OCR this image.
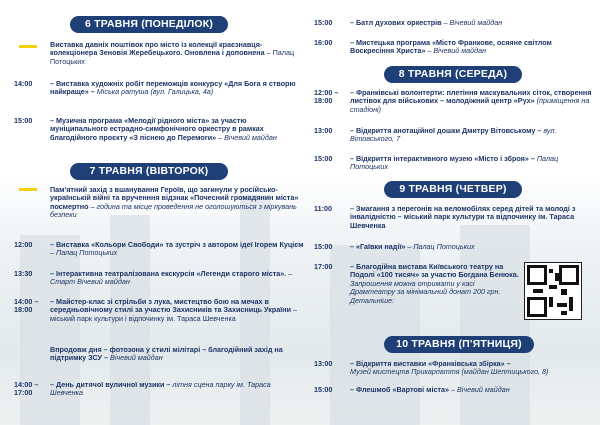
6 ТРАВНЯ (ПОНЕДІЛОК)
Виставка давніх поштівок про місто із колекції краєзнавця-колекціонера Зеновія Жеребецького. Оновлена і доповнена – Палац Потоцьких
14:00	– Виставка художніх робіт переможців конкурсу «Для Бога я створю найкраще» – Міська ратуша (вул. Галицька, 4а)
15:00	– Музична програма «Мелодії рідного міста» за участю муніципального естрадно-симфонічного оркестру в рамках благодійного проєкту «З піснею до Перемоги» – Вічевий майдан
7 ТРАВНЯ (ВІВТОРОК)
Пам'ятний захід з вшанування Героїв, що загинули у російсько-українській війні та врученння відзнак «Почесний громадянин міста» посмертно – година та місце проведення не оголошуються з міркувань безпеки
12:00	– Виставка «Кольори Свободи» та зустріч з автором ідеї Ігорем Куцієм – Палац Потоцьких
13:30	– Інтерактивна театралізована екскурсія «Легенди старого міста». – Старт Вічевий майдан
14:00 – 18:00
– Майстер-клас зі стрільби з лука, мистецтво бою на мечах в середньовічному стилі за участю Захисників та Захисниць України – міський парк культури і відпочинку ім. Тараса Шевченка
Впродовж дня – фотозона у стилі мілітарі – благодійний захід на підтримку ЗСУ – Вічевий майдан
14:00 – 17:00
– День дитячої вуличної музики – літня сцена парку ім. Тараса Шевченка
15:00	– Батл духових оркестрів – Вічевий майдан
16:00	– Мистецька програма «Місто Франкове, осяяне світлом Воскресіння Христа» – Вічевий майдан
8 ТРАВНЯ (СЕРЕДА)
12:00 – 18:00
– Франківські волонтерти: плетіння маскувальних сіток, створення листівок для військових – молодіжний центр «Рух» (приміщення на стадіоні)
13:00	– Відкриття анотаційної дошки Дмитру Вітовському – вул. Вітовського, 7
15:00	– Відкриття інтерактивного музею «Місто і зброя» – Палац Потоцьких
9 ТРАВНЯ (ЧЕТВЕР)
11:00	– Змагання з перегонів на веломобілях серед дітей та молоді з інвалідністю – міський парк культури та відпочинку ім. Тараса Шевченка
15:00	– «Гаївки надії» – Палац Потоцьких
17:00	– Благодійна вистава Київського театру на Подолі «100 тисяч» за участю Богдана Бенюка.
Запрошення можна отримати у касі Драмтеатру за мінімальний донат 200 грн. Детальніше:
10 ТРАВНЯ (П'ЯТНИЦЯ)
13:00	– Відкриття виставки «Франківська збірка» –
Музей мистецтв Прикарпаття (майдан Шептицького, 8)
15:00	– Флешмоб «Вартові міста» – Вічевий майдан
